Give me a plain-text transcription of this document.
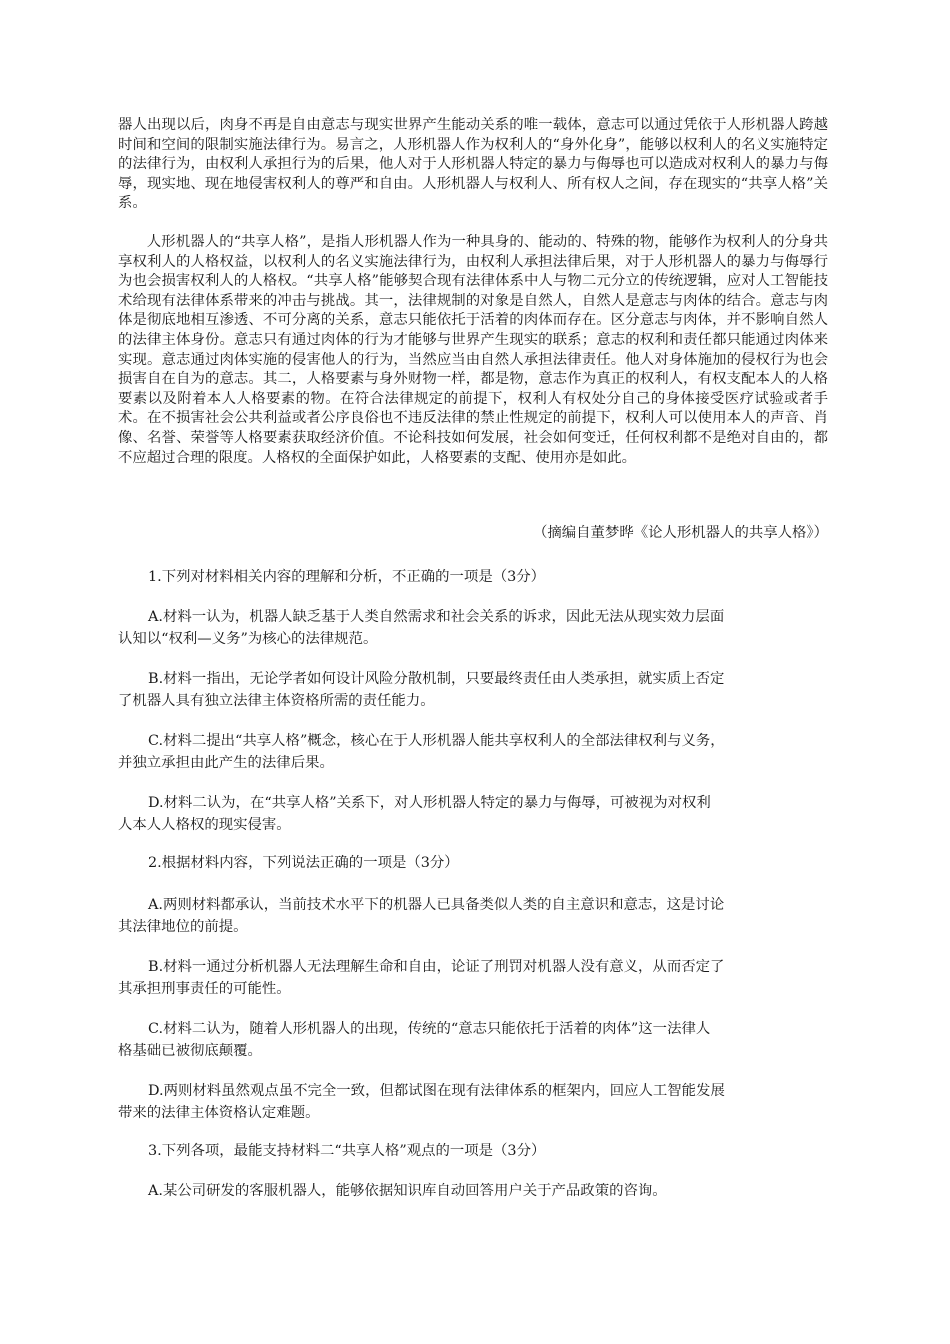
器人出现以后，肉身不再是自由意志与现实世界产生能动关系的唯一载体，意志可以通过凭依于人形机器人跨越时间和空间的限制实施法律行为。易言之，人形机器人作为权利人的“身外化身”，能够以权利人的名义实施特定的法律行为，由权利人承担行为的后果，他人对于人形机器人特定的暴力与侮辱也可以造成对权利人的暴力与侮辱，现实地、现在地侵害权利人的尊严和自由。人形机器人与权利人、所有权人之间，存在现实的“共享人格”关系。

人形机器人的“共享人格”，是指人形机器人作为一种具身的、能动的、特殊的物，能够作为权利人的分身共享权利人的人格权益，以权利人的名义实施法律行为，由权利人承担法律后果，对于人形机器人的暴力与侮辱行为也会损害权利人的人格权。“共享人格”能够契合现有法律体系中人与物二元分立的传统逻辑，应对人工智能技术给现有法律体系带来的冲击与挑战。其一，法律规制的对象是自然人，自然人是意志与肉体的结合。意志与肉体是彻底地相互渗透、不可分离的关系，意志只能依托于活着的肉体而存在。区分意志与肉体，并不影响自然人的法律主体身份。意志只有通过肉体的行为才能够与世界产生现实的联系；意志的权利和责任都只能通过肉体来实现。意志通过肉体实施的侵害他人的行为，当然应当由自然人承担法律责任。他人对身体施加的侵权行为也会损害自在自为的意志。其二，人格要素与身外财物一样，都是物，意志作为真正的权利人，有权支配本人的人格要素以及附着本人人格要素的物。在符合法律规定的前提下，权利人有权处分自己的身体接受医疗试验或者手术。在不损害社会公共利益或者公序良俗也不违反法律的禁止性规定的前提下，权利人可以使用本人的声音、肖像、名誉、荣誉等人格要素获取经济价值。不论科技如何发展，社会如何变迁，任何权利都不是绝对自由的，都不应超过合理的限度。人格权的全面保护如此，人格要素的支配、使用亦是如此。

（摘编自董梦晔《论人形机器人的共享人格》）

1.下列对材料相关内容的理解和分析，不正确的一项是（3分）

A.材料一认为，机器人缺乏基于人类自然需求和社会关系的诉求，因此无法从现实效力层面

认知以“权利—义务”为核心的法律规范。

B.材料一指出，无论学者如何设计风险分散机制，只要最终责任由人类承担，就实质上否定

了机器人具有独立法律主体资格所需的责任能力。

C.材料二提出“共享人格”概念，核心在于人形机器人能共享权利人的全部法律权利与义务，

并独立承担由此产生的法律后果。

D.材料二认为，在“共享人格”关系下，对人形机器人特定的暴力与侮辱，可被视为对权利

人本人人格权的现实侵害。

2.根据材料内容，下列说法正确的一项是（3分）

A.两则材料都承认，当前技术水平下的机器人已具备类似人类的自主意识和意志，这是讨论

其法律地位的前提。

B.材料一通过分析机器人无法理解生命和自由，论证了刑罚对机器人没有意义，从而否定了

其承担刑事责任的可能性。

C.材料二认为，随着人形机器人的出现，传统的“意志只能依托于活着的肉体”这一法律人

格基础已被彻底颠覆。

D.两则材料虽然观点虽不完全一致，但都试图在现有法律体系的框架内，回应人工智能发展

带来的法律主体资格认定难题。

3.下列各项，最能支持材料二“共享人格”观点的一项是（3分）

A.某公司研发的客服机器人，能够依据知识库自动回答用户关于产品政策的咨询。
